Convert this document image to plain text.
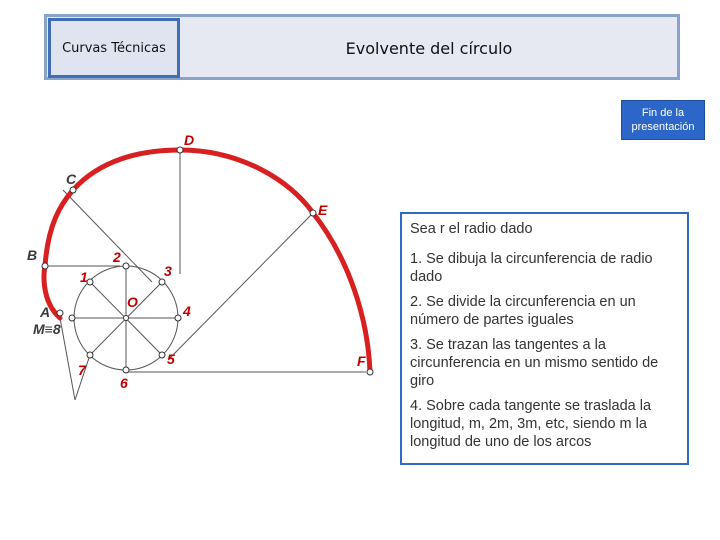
Curvas Técnicas	Evolvente del círculo
Fin de la
presentación
D
C
E
B
A
M≡8
F
O
1
2
3
4
5
6
7

Sea r el radio dado

1. Se dibuja la circunferencia de radio dado

2. Se divide la circunferencia en un número de partes iguales

3. Se trazan las tangentes a la circunferencia en un mismo sentido de giro

4. Sobre cada tangente se traslada la longitud, m, 2m, 3m, etc, siendo m la longitud de uno de los arcos
